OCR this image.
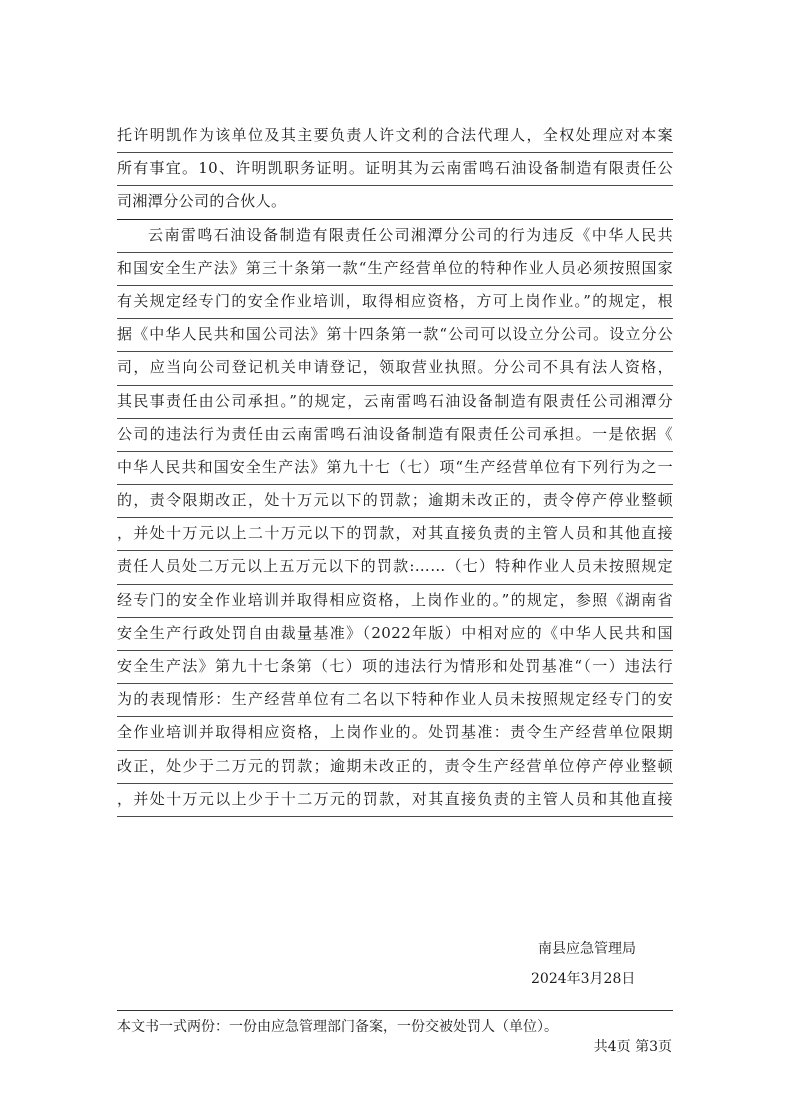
托许明凯作为该单位及其主要负责人许文利的合法代理人，全权处理应对本案
所有事宜。10、许明凯职务证明。证明其为云南雷鸣石油设备制造有限责任公
司湘潭分公司的合伙人。
云南雷鸣石油设备制造有限责任公司湘潭分公司的行为违反《中华人民共
和国安全生产法》第三十条第一款“生产经营单位的特种作业人员必须按照国家
有关规定经专门的安全作业培训，取得相应资格，方可上岗作业。”的规定，根
据《中华人民共和国公司法》第十四条第一款“公司可以设立分公司。设立分公
司，应当向公司登记机关申请登记，领取营业执照。分公司不具有法人资格，
其民事责任由公司承担。”的规定，云南雷鸣石油设备制造有限责任公司湘潭分
公司的违法行为责任由云南雷鸣石油设备制造有限责任公司承担。一是依据《
中华人民共和国安全生产法》第九十七（七）项“生产经营单位有下列行为之一
的，责令限期改正，处十万元以下的罚款；逾期未改正的，责令停产停业整顿
，并处十万元以上二十万元以下的罚款，对其直接负责的主管人员和其他直接
责任人员处二万元以上五万元以下的罚款:……（七）特种作业人员未按照规定
经专门的安全作业培训并取得相应资格，上岗作业的。”的规定，参照《湖南省
安全生产行政处罚自由裁量基准》（2022年版）中相对应的《中华人民共和国
安全生产法》第九十七条第（七）项的违法行为情形和处罚基准“（一）违法行
为的表现情形：生产经营单位有二名以下特种作业人员未按照规定经专门的安
全作业培训并取得相应资格，上岗作业的。处罚基准：责令生产经营单位限期
改正，处少于二万元的罚款；逾期未改正的，责令生产经营单位停产停业整顿
，并处十万元以上少于十二万元的罚款，对其直接负责的主管人员和其他直接
南县应急管理局
2024年3月28日
本文书一式两份：一份由应急管理部门备案，一份交被处罚人（单位）。
共4页 第3页
